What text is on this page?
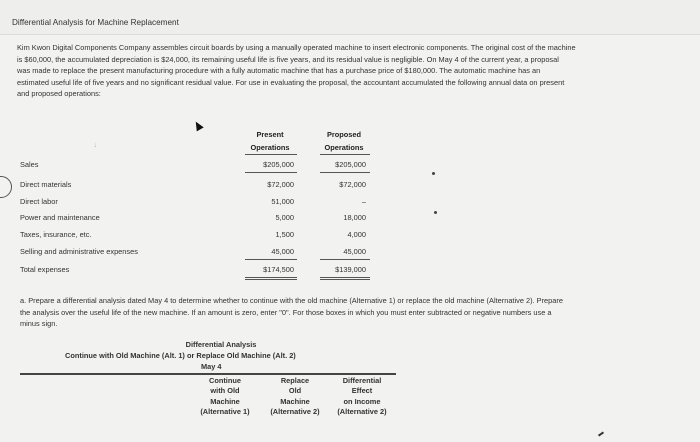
Differential Analysis for Machine Replacement
Kim Kwon Digital Components Company assembles circuit boards by using a manually operated machine to insert electronic components. The original cost of the machine
is $60,000, the accumulated depreciation is $24,000, its remaining useful life is five years, and its residual value is negligible. On May 4 of the current year, a proposal
was made to replace the present manufacturing procedure with a fully automatic machine that has a purchase price of $180,000. The automatic machine has an
estimated useful life of five years and no significant residual value. For use in evaluating the proposal, the accountant accumulated the following annual data on present
and proposed operations:
↓
Present
Operations
Proposed
Operations
Sales	$205,000	$205,000
Direct materials	$72,000	$72,000
Direct labor	51,000	–
Power and maintenance	5,000	18,000
Taxes, insurance, etc.	1,500	4,000
Selling and administrative expenses	45,000	45,000
Total expenses	$174,500	$139,000
a. Prepare a differential analysis dated May 4 to determine whether to continue with the old machine (Alternative 1) or replace the old machine (Alternative 2). Prepare
the analysis over the useful life of the new machine. If an amount is zero, enter "0". For those boxes in which you must enter subtracted or negative numbers use a
minus sign.
Differential Analysis
Continue with Old Machine (Alt. 1) or Replace Old Machine (Alt. 2)
May 4
Continue
with Old
Machine
(Alternative 1)
Replace
Old
Machine
(Alternative 2)
Differential
Effect
on Income
(Alternative 2)
